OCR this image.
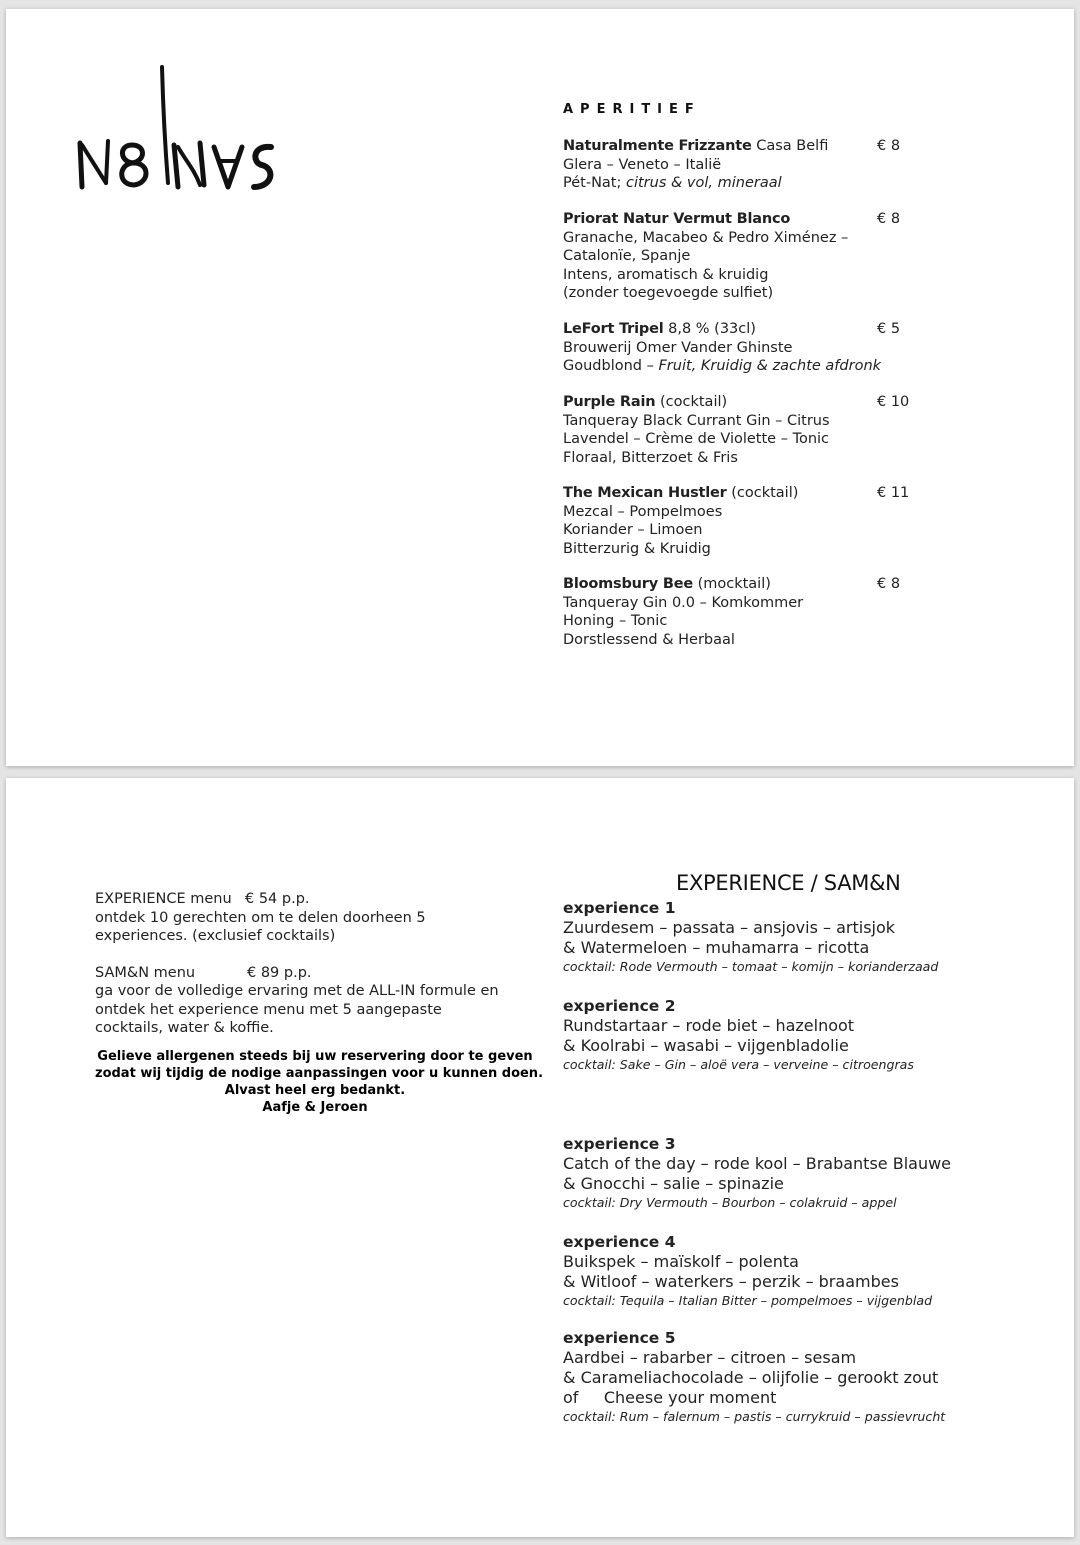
APERITIEF
Naturalmente Frizzante Casa Belfi	€ 8
Glera – Veneto – Italië
Pét-Nat; citrus & vol, mineraal
Priorat Natur Vermut Blanco	€ 8
Granache, Macabeo & Pedro Ximénez –
Catalonïe, Spanje
Intens, aromatisch & kruidig
(zonder toegevoegde sulfiet)
LeFort Tripel 8,8 % (33cl)	€ 5
Brouwerij Omer Vander Ghinste
Goudblond – Fruit, Kruidig & zachte afdronk
Purple Rain (cocktail)	€ 10
Tanqueray Black Currant Gin – Citrus
Lavendel – Crème de Violette – Tonic
Floraal, Bitterzoet & Fris
The Mexican Hustler (cocktail)	€ 11
Mezcal – Pompelmoes
Koriander – Limoen
Bitterzurig & Kruidig
Bloomsbury Bee (mocktail)	€ 8
Tanqueray Gin 0.0 – Komkommer
Honing – Tonic
Dorstlessend & Herbaal
EXPERIENCE menu € 54 p.p.
ontdek 10 gerechten om te delen doorheen 5
experiences. (exclusief cocktails)
SAM&N menu	€ 89 p.p.
ga voor de volledige ervaring met de ALL-IN formule en
ontdek het experience menu met 5 aangepaste
cocktails, water & koffie.
Gelieve allergenen steeds bij uw reservering door te geven
zodat wij tijdig de nodige aanpassingen voor u kunnen doen.
Alvast heel erg bedankt.
Aafje & Jeroen
EXPERIENCE / SAM&N
experience 1
Zuurdesem – passata – ansjovis – artisjok
& Watermeloen – muhamarra – ricotta
cocktail: Rode Vermouth – tomaat – komijn – korianderzaad
experience 2
Rundstartaar – rode biet – hazelnoot
& Koolrabi – wasabi – vijgenbladolie
cocktail: Sake – Gin – aloë vera – verveine – citroengras
experience 3
Catch of the day – rode kool – Brabantse Blauwe
& Gnocchi – salie – spinazie
cocktail: Dry Vermouth – Bourbon – colakruid – appel
experience 4
Buikspek – maïskolf – polenta
& Witloof – waterkers – perzik – braambes
cocktail: Tequila – Italian Bitter – pompelmoes – vijgenblad
experience 5
Aardbei – rabarber – citroen – sesam
& Carameliachocolade – olijfolie – gerookt zout
of     Cheese your moment
cocktail: Rum – falernum – pastis – currykruid – passievrucht
